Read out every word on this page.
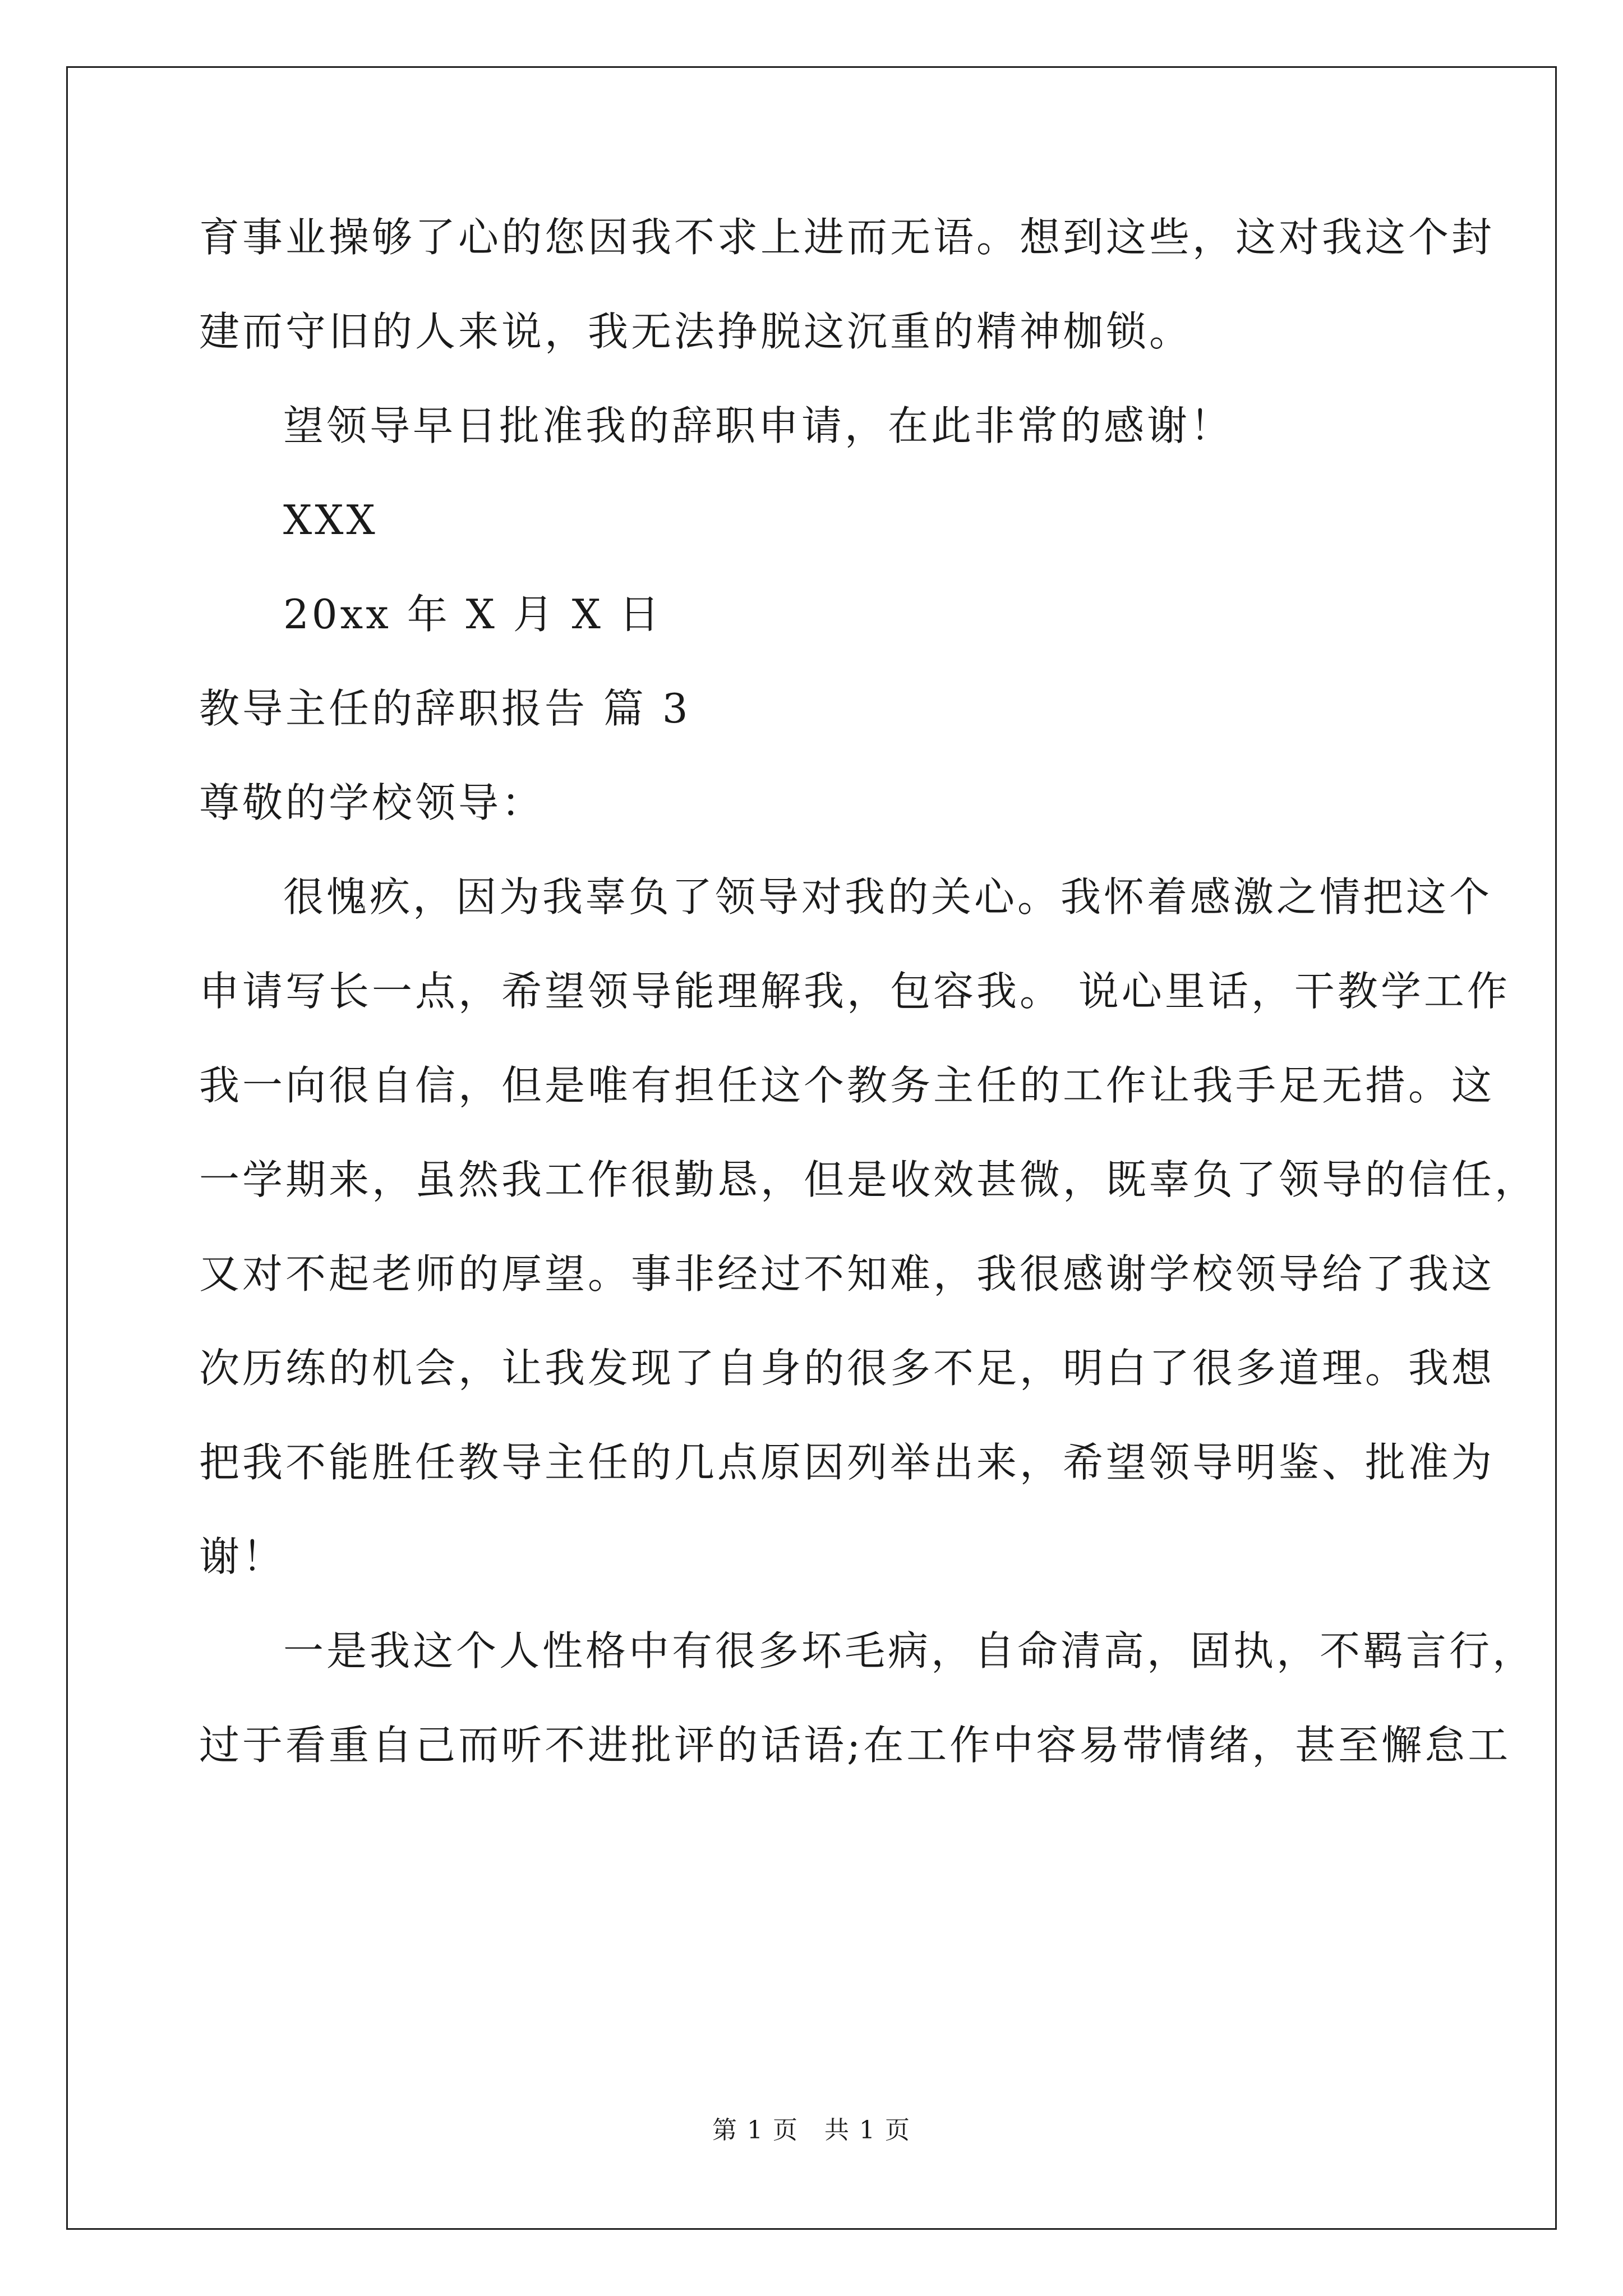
育事业操够了心的您因我不求上进而无语。想到这些，这对我这个封
建而守旧的人来说，我无法挣脱这沉重的精神枷锁。
望领导早日批准我的辞职申请，在此非常的感谢！
XXX
20xx 年 X 月 X 日
教导主任的辞职报告 篇 3
尊敬的学校领导：
很愧疚，因为我辜负了领导对我的关心。我怀着感激之情把这个
申请写长一点，希望领导能理解我，包容我。 说心里话，干教学工作
我一向很自信，但是唯有担任这个教务主任的工作让我手足无措。这
一学期来，虽然我工作很勤恳，但是收效甚微，既辜负了领导的信任，
又对不起老师的厚望。事非经过不知难，我很感谢学校领导给了我这
次历练的机会，让我发现了自身的很多不足，明白了很多道理。我想
把我不能胜任教导主任的几点原因列举出来，希望领导明鉴、批准为
谢！
一是我这个人性格中有很多坏毛病，自命清高，固执，不羁言行，
过于看重自己而听不进批评的话语;在工作中容易带情绪，甚至懈怠工
第 1 页　共 1 页
